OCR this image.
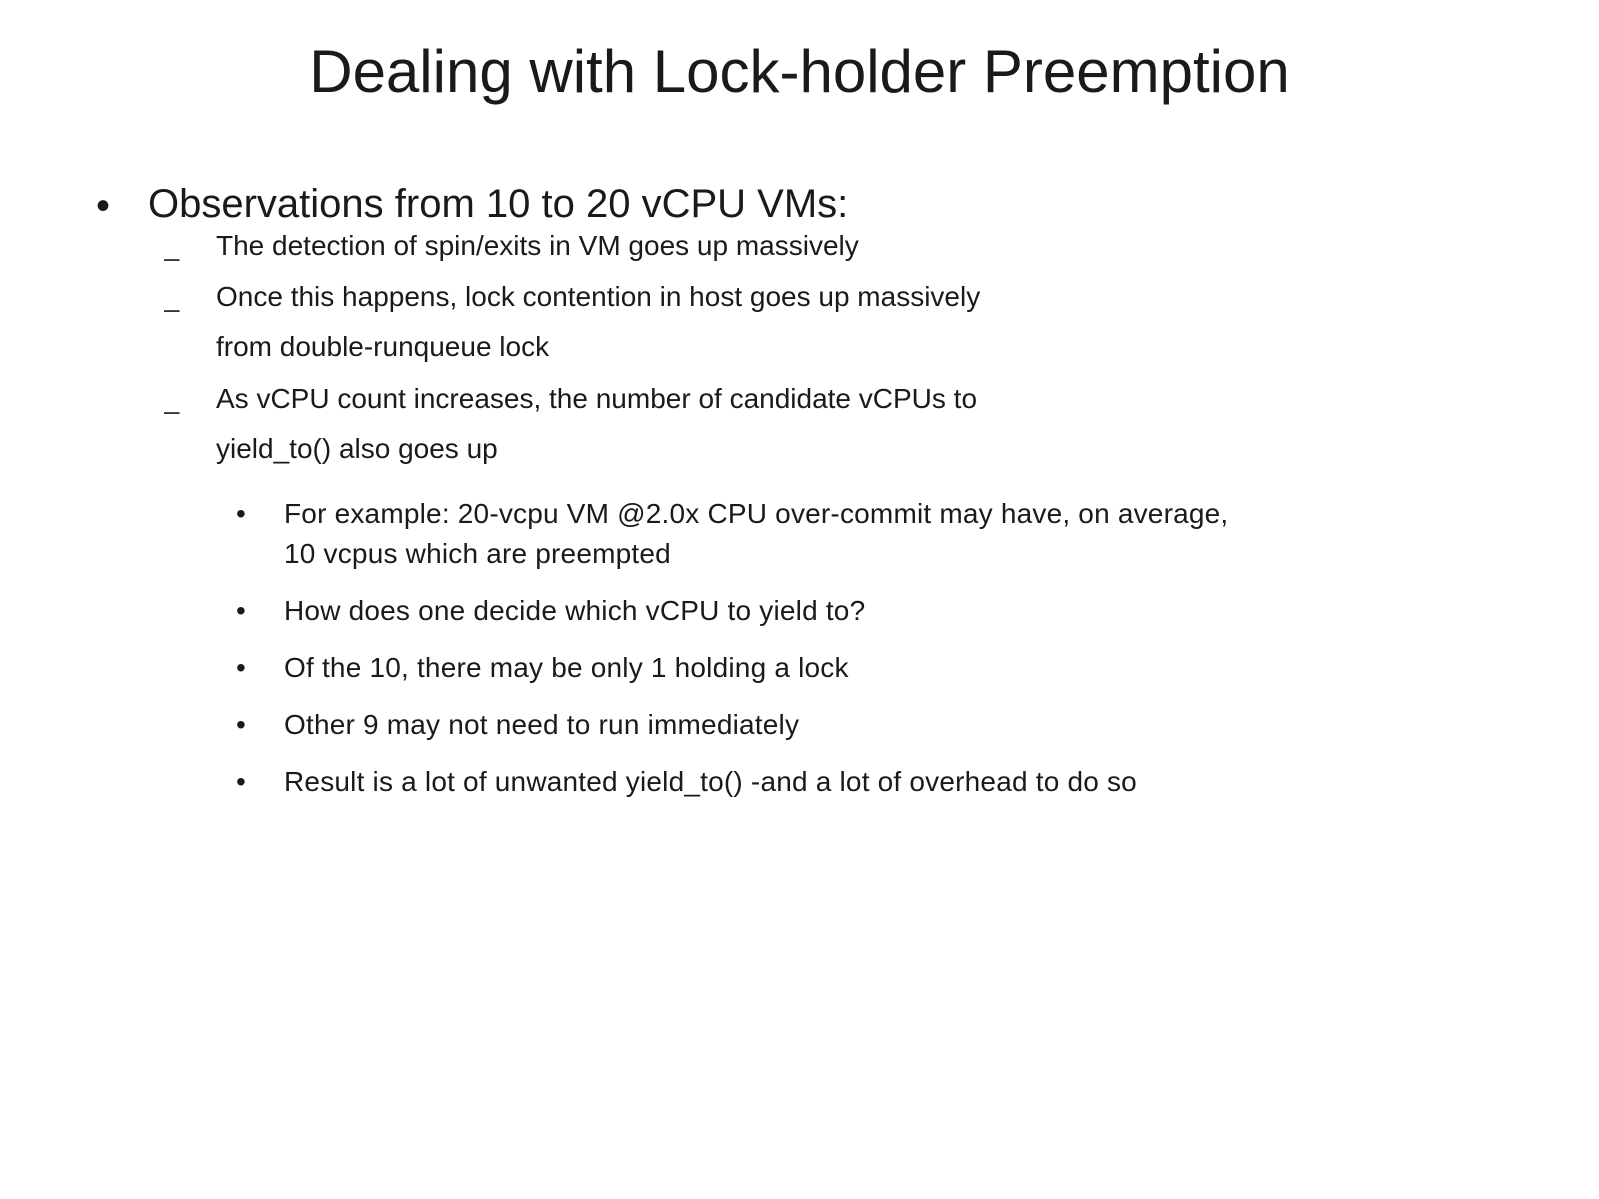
Dealing with Lock-holder Preemption
• Observations from 10 to 20 vCPU VMs:
– The detection of spin/exits in VM goes up massively
– Once this happens, lock contention in host goes up massively
from double-runqueue lock
– As vCPU count increases, the number of candidate vCPUs to
yield_to() also goes up
• For example: 20-vcpu VM @2.0x CPU over-commit may have, on average,
10 vcpus which are preempted
• How does one decide which vCPU to yield to?
• Of the 10, there may be only 1 holding a lock
• Other 9 may not need to run immediately
• Result is a lot of unwanted yield_to() -and a lot of overhead to do so
